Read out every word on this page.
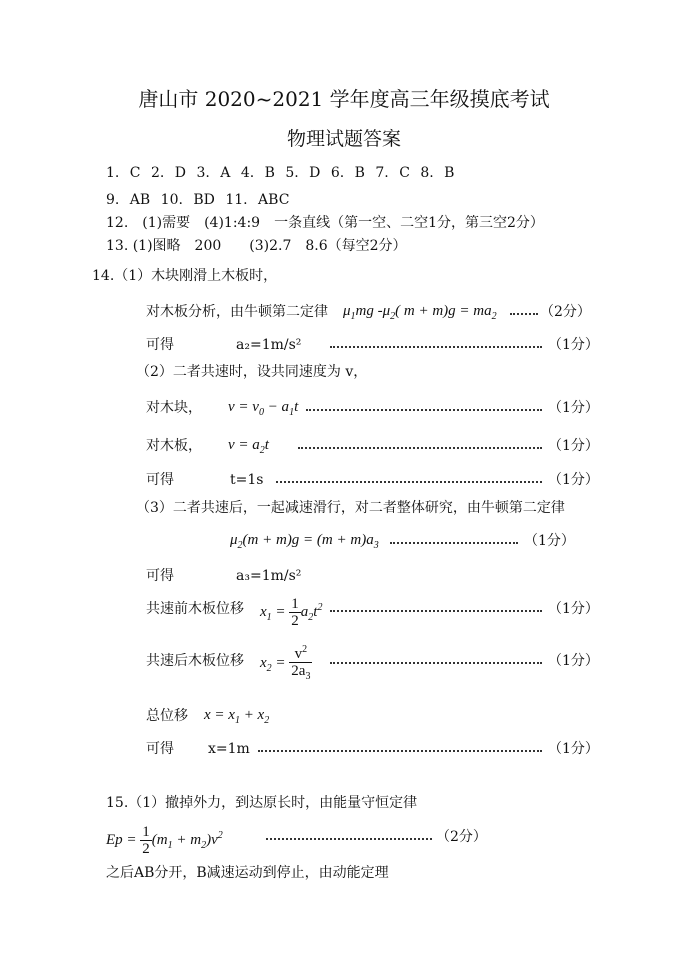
唐山市 2020~2021 学年度高三年级摸底考试
物理试题答案
1. C 2. D 3. A 4. B 5. D 6. B 7. C 8. B
9. AB 10. BD 11. ABC
12.　(1)需要　(4)1:4:9　一条直线（第一空、二空1分，第三空2分）
13. (1)图略　200　　(3)2.7　8.6（每空2分）
14.（1）木块刚滑上木板时，
对木板分析，由牛顿第二定律 $\mu_1mg$ $-\mu_2$( $m + m)g = ma_2$	（2分）
可得	a₂=1m/s²	（1分）
（2）二者共速时，设共同速度为 v，
对木块， $v = v_0 - a_1t$	（1分）
对木板， $v = a_2t$	（1分）
可得	t=1s	（1分）
（3）二者共速后，一起减速滑行，对二者整体研究，由牛顿第二定律
$\mu_2(m + m)g = (m + m)a_3$	（1分）
可得	a₃=1m/s²
共速前木板位移 $x_1 = \frac{1}{2} a_2t^2$	（1分）
共速后木板位移 $x_2 = \frac{v^2}{2a_3}$	（1分）
总位移 $x = x_1 + x_2$
可得 x=1m	（1分）
15.（1）撤掉外力，到达原长时，由能量守恒定律
$Ep = \frac{1}{2} (m_1 + m_2)v^2$	（2分）
之后AB分开，B减速运动到停止，由动能定理
